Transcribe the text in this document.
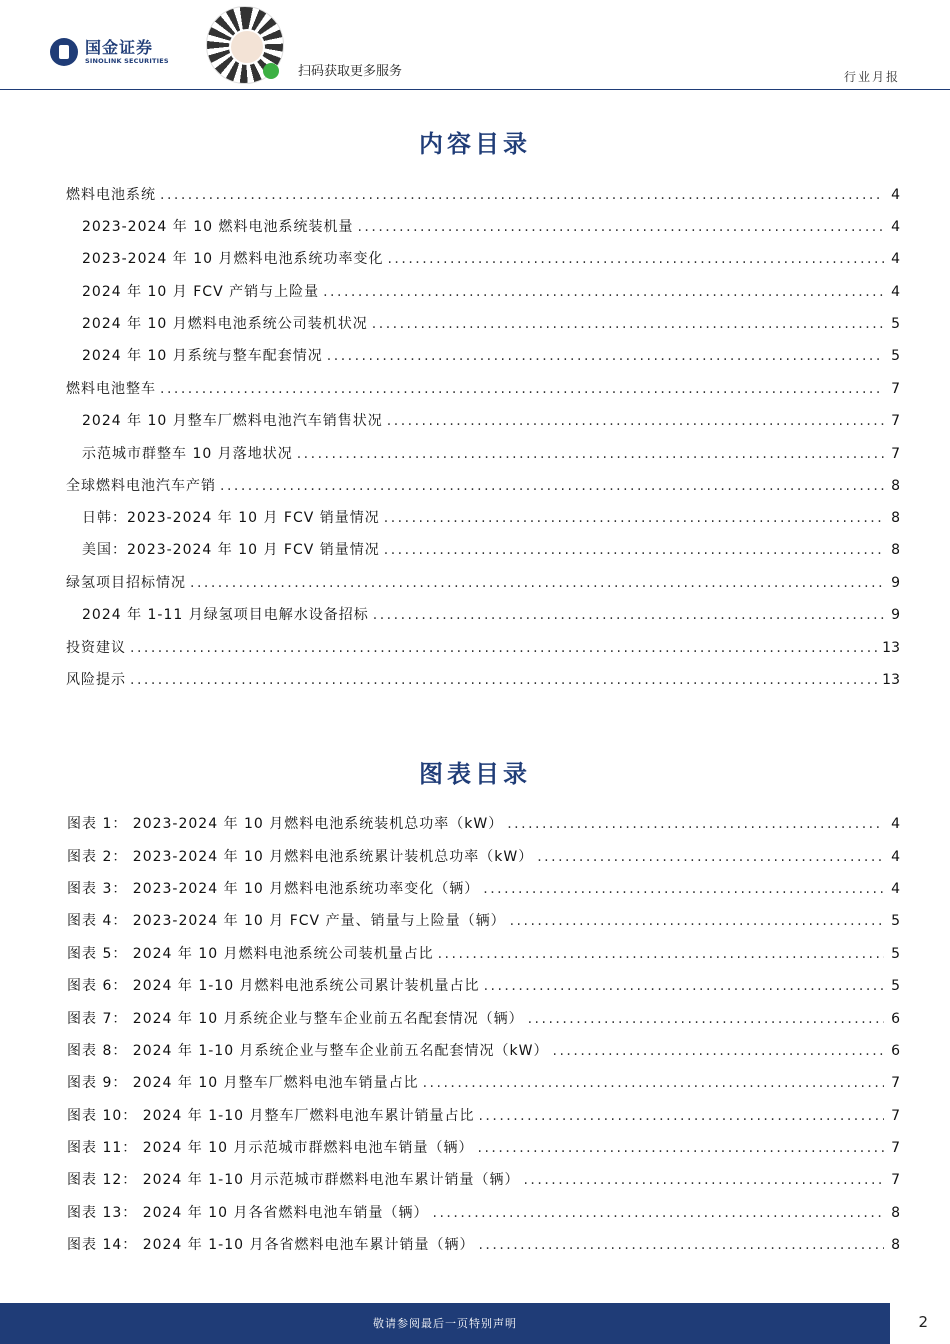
国金证券
SINOLINK SECURITIES
扫码获取更多服务	行业月报
内容目录
燃料电池系统 .....	4
2023-2024 年 10 燃料电池系统装机量 .....	4
2023-2024 年 10 月燃料电池系统功率变化 .....	4
2024 年 10 月 FCV 产销与上险量 .....	4
2024 年 10 月燃料电池系统公司装机状况 .....	5
2024 年 10 月系统与整车配套情况 .....	5
燃料电池整车 .....	7
2024 年 10 月整车厂燃料电池汽车销售状况 .....	7
示范城市群整车 10 月落地状况 .....	7
全球燃料电池汽车产销 .....	8
日韩：2023-2024 年 10 月 FCV 销量情况 .....	8
美国：2023-2024 年 10 月 FCV 销量情况 .....	8
绿氢项目招标情况 .....	9
2024 年 1-11 月绿氢项目电解水设备招标 .....	9
投资建议 .....	13
风险提示 .....	13
图表目录
图表 1： 2023-2024 年 10 月燃料电池系统装机总功率（kW） .....	4
图表 2： 2023-2024 年 10 月燃料电池系统累计装机总功率（kW） .....	4
图表 3： 2023-2024 年 10 月燃料电池系统功率变化（辆） .....	4
图表 4： 2023-2024 年 10 月 FCV 产量、销量与上险量（辆） .....	5
图表 5： 2024 年 10 月燃料电池系统公司装机量占比 .....	5
图表 6： 2024 年 1-10 月燃料电池系统公司累计装机量占比 .....	5
图表 7： 2024 年 10 月系统企业与整车企业前五名配套情况（辆） .....	6
图表 8： 2024 年 1-10 月系统企业与整车企业前五名配套情况（kW） .....	6
图表 9： 2024 年 10 月整车厂燃料电池车销量占比 .....	7
图表 10： 2024 年 1-10 月整车厂燃料电池车累计销量占比 .....	7
图表 11： 2024 年 10 月示范城市群燃料电池车销量（辆） .....	7
图表 12： 2024 年 1-10 月示范城市群燃料电池车累计销量（辆） .....	7
图表 13： 2024 年 10 月各省燃料电池车销量（辆） .....	8
图表 14： 2024 年 1-10 月各省燃料电池车累计销量（辆） .....	8
敬请参阅最后一页特别声明	2
